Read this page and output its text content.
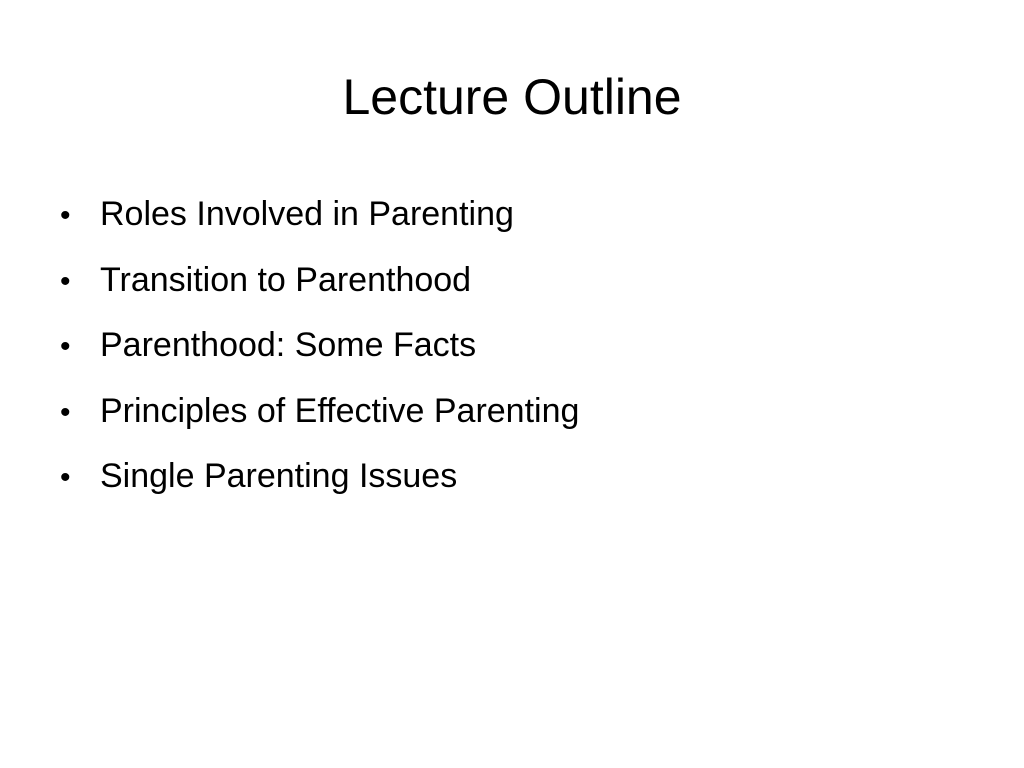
Lecture Outline
• Roles Involved in Parenting
• Transition to Parenthood
• Parenthood: Some Facts
• Principles of Effective Parenting
• Single Parenting Issues
